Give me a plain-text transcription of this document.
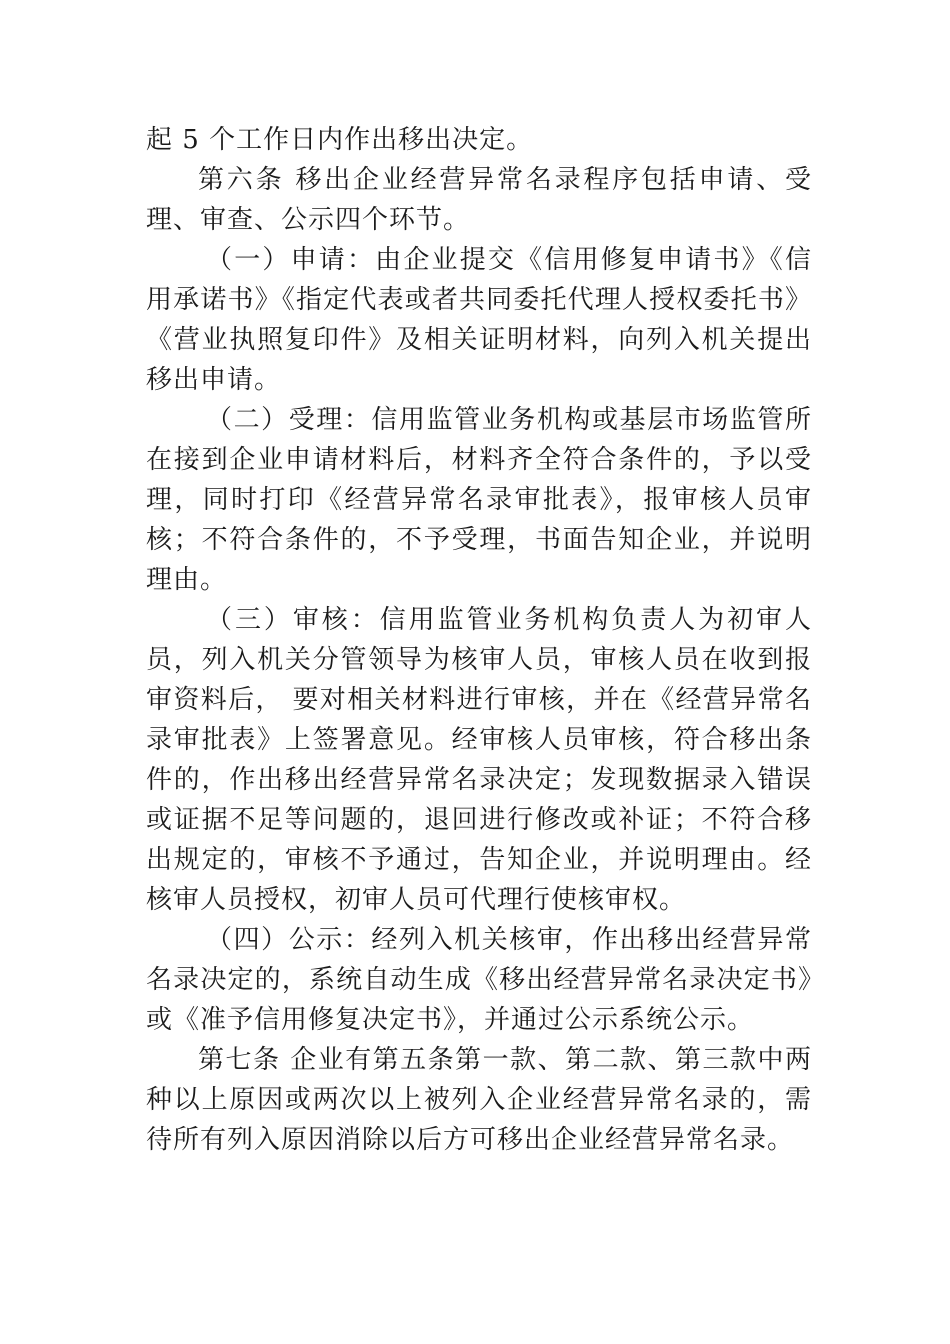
起 5 个工作日内作出移出决定。

第六条 移出企业经营异常名录程序包括申请、受理、审查、公示四个环节。

（一）申请：由企业提交《信用修复申请书》《信用承诺书》《指定代表或者共同委托代理人授权委托书》《营业执照复印件》及相关证明材料，向列入机关提出移出申请。

（二）受理：信用监管业务机构或基层市场监管所在接到企业申请材料后，材料齐全符合条件的，予以受理，同时打印《经营异常名录审批表》，报审核人员审核；不符合条件的，不予受理，书面告知企业，并说明理由。

（三）审核：信用监管业务机构负责人为初审人员，列入机关分管领导为核审人员，审核人员在收到报审资料后， 要对相关材料进行审核，并在《经营异常名录审批表》上签署意见。经审核人员审核，符合移出条件的，作出移出经营异常名录决定；发现数据录入错误或证据不足等问题的，退回进行修改或补证；不符合移出规定的，审核不予通过，告知企业，并说明理由。经核审人员授权，初审人员可代理行使核审权。

（四）公示：经列入机关核审，作出移出经营异常名录决定的，系统自动生成《移出经营异常名录决定书》或《准予信用修复决定书》，并通过公示系统公示。

第七条 企业有第五条第一款、第二款、第三款中两种以上原因或两次以上被列入企业经营异常名录的，需待所有列入原因消除以后方可移出企业经营异常名录。
